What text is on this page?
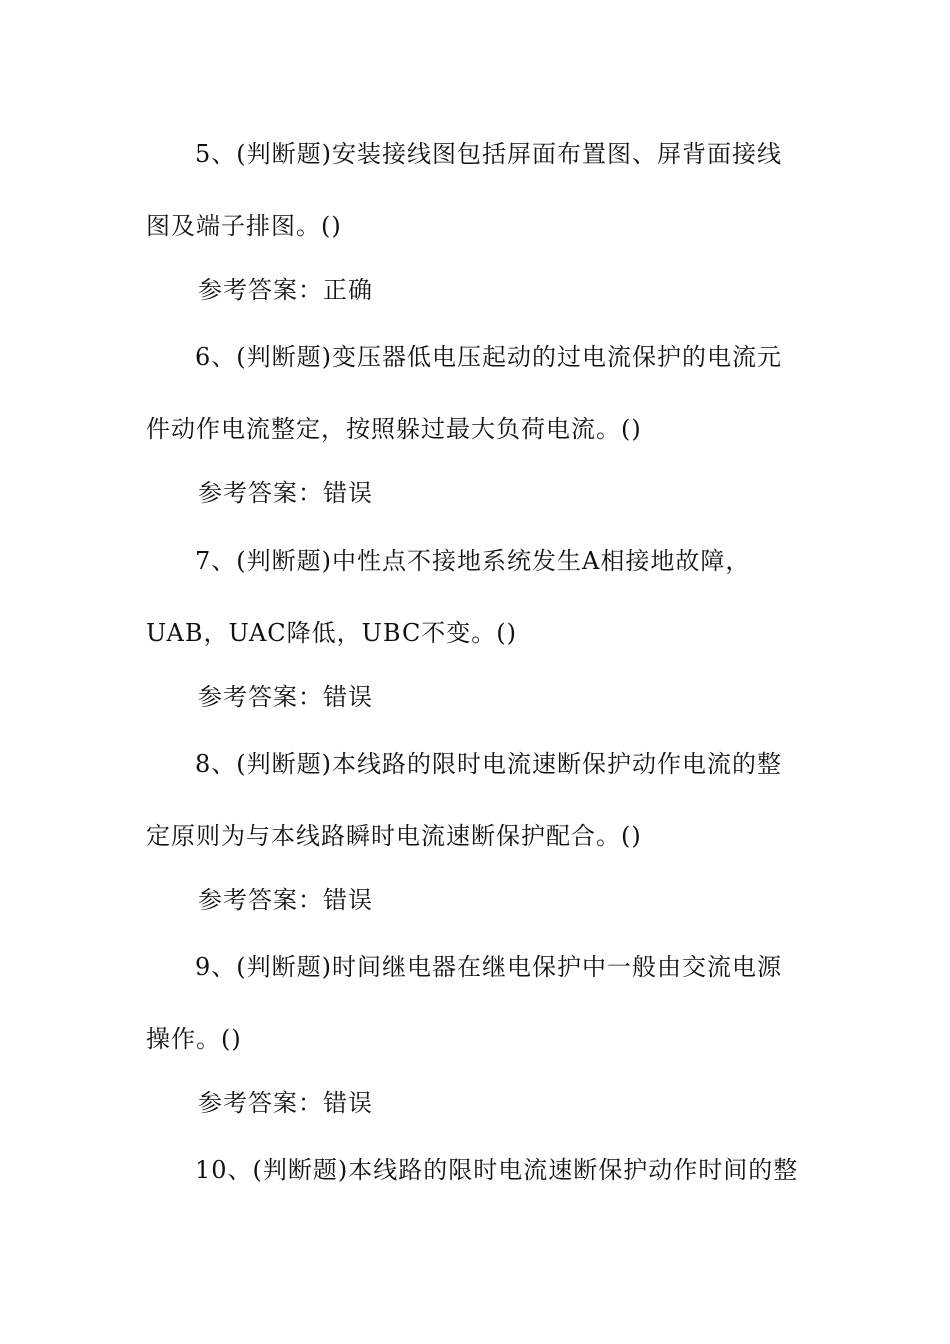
5、(判断题)安装接线图包括屏面布置图、屏背面接线
图及端子排图。()
参考答案：正确
6、(判断题)变压器低电压起动的过电流保护的电流元
件动作电流整定，按照躲过最大负荷电流。()
参考答案：错误
7、(判断题)中性点不接地系统发生A相接地故障，
UAB，UAC降低，UBC不变。()
参考答案：错误
8、(判断题)本线路的限时电流速断保护动作电流的整
定原则为与本线路瞬时电流速断保护配合。()
参考答案：错误
9、(判断题)时间继电器在继电保护中一般由交流电源
操作。()
参考答案：错误
10、(判断题)本线路的限时电流速断保护动作时间的整
